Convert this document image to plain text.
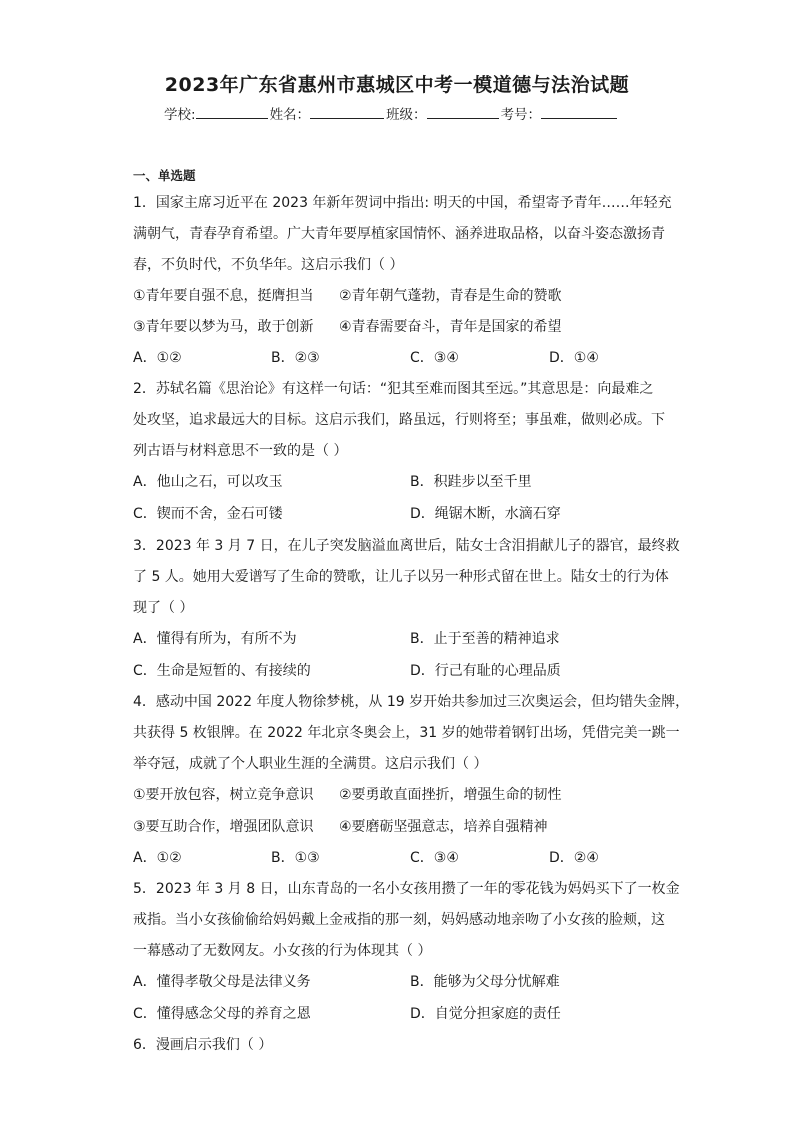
2023年广东省惠州市惠城区中考一模道德与法治试题
学校:	姓名：	班级：	考号：
一、单选题
1．国家主席习近平在 2023 年新年贺词中指出: 明天的中国，希望寄予青年……年轻充
满朝气，青春孕育希望。广大青年要厚植家国情怀、涵养进取品格，以奋斗姿态激扬青
春，不负时代，不负华年。这启示我们（ ）
①青年要自强不息，挺膺担当 ②青年朝气蓬勃，青春是生命的赞歌
③青年要以梦为马，敢于创新 ④青春需要奋斗，青年是国家的希望
A．①②	B．②③	C．③④	D．①④
2．苏轼名篇《思治论》有这样一句话：“犯其至难而图其至远。”其意思是：向最难之
处攻坚，追求最远大的目标。这启示我们，路虽远，行则将至；事虽难，做则必成。下
列古语与材料意思不一致的是（ ）
A．他山之石，可以攻玉	B．积跬步以至千里
C．锲而不舍，金石可镂	D．绳锯木断，水滴石穿
3．2023 年 3 月 7 日，在儿子突发脑溢血离世后，陆女士含泪捐献儿子的器官，最终救
了 5 人。她用大爱谱写了生命的赞歌，让儿子以另一种形式留在世上。陆女士的行为体
现了（ ）
A．懂得有所为，有所不为	B．止于至善的精神追求
C．生命是短暂的、有接续的	D．行己有耻的心理品质
4．感动中国 2022 年度人物徐梦桃，从 19 岁开始共参加过三次奥运会，但均错失金牌，
共获得 5 枚银牌。在 2022 年北京冬奥会上，31 岁的她带着钢钉出场，凭借完美一跳一
举夺冠，成就了个人职业生涯的全满贯。这启示我们（ ）
①要开放包容，树立竞争意识 ②要勇敢直面挫折，增强生命的韧性
③要互助合作，增强团队意识 ④要磨砺坚强意志，培养自强精神
A．①②	B．①③	C．③④	D．②④
5．2023 年 3 月 8 日，山东青岛的一名小女孩用攒了一年的零花钱为妈妈买下了一枚金
戒指。当小女孩偷偷给妈妈戴上金戒指的那一刻，妈妈感动地亲吻了小女孩的脸颊，这
一幕感动了无数网友。小女孩的行为体现其（ ）
A．懂得孝敬父母是法律义务	B．能够为父母分忧解难
C．懂得感念父母的养育之恩	D．自觉分担家庭的责任
6．漫画启示我们（ ）
